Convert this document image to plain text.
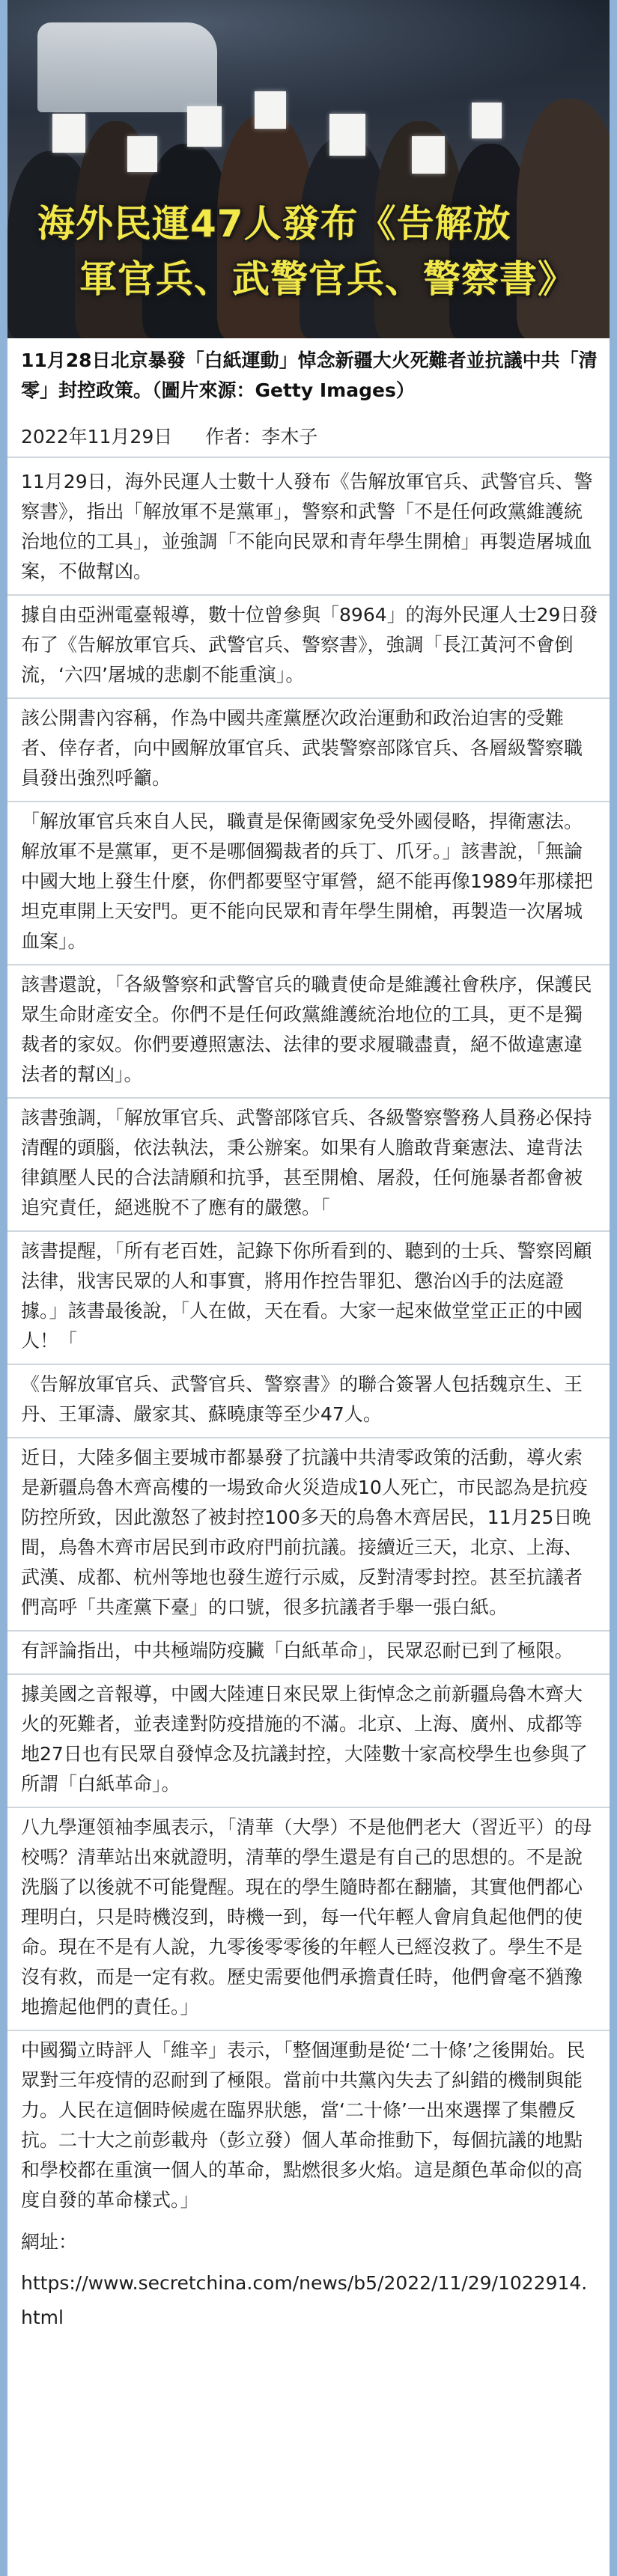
海外民運47人發布《告解放
軍官兵、武警官兵、警察書》

11月28日北京暴發「白紙運動」悼念新疆大火死難者並抗議中共「清零」封控政策。（圖片來源：Getty Images）

2022年11月29日 作者：李木子

11月29日，海外民運人士數十人發布《告解放軍官兵、武警官兵、警察書》，指出「解放軍不是黨軍」，警察和武警「不是任何政黨維護統治地位的工具」，並強調「不能向民眾和青年學生開槍」再製造屠城血案，不做幫凶。

據自由亞洲電臺報導，數十位曾參與「8964」的海外民運人士29日發布了《告解放軍官兵、武警官兵、警察書》，強調「長江黃河不會倒流，‘六四’屠城的悲劇不能重演」。

該公開書內容稱，作為中國共產黨歷次政治運動和政治迫害的受難者、倖存者，向中國解放軍官兵、武裝警察部隊官兵、各層級警察職員發出強烈呼籲。

「解放軍官兵來自人民，職責是保衛國家免受外國侵略，捍衛憲法。解放軍不是黨軍，更不是哪個獨裁者的兵丁、爪牙。」該書說，「無論中國大地上發生什麼，你們都要堅守軍營，絕不能再像1989年那樣把坦克車開上天安門。更不能向民眾和青年學生開槍，再製造一次屠城血案」。

該書還說，「各級警察和武警官兵的職責使命是維護社會秩序，保護民眾生命財產安全。你們不是任何政黨維護統治地位的工具，更不是獨裁者的家奴。你們要遵照憲法、法律的要求履職盡責，絕不做違憲違法者的幫凶」。

該書強調，「解放軍官兵、武警部隊官兵、各級警察警務人員務必保持清醒的頭腦，依法執法，秉公辦案。如果有人膽敢背棄憲法、違背法律鎮壓人民的合法請願和抗爭，甚至開槍、屠殺，任何施暴者都會被追究責任，絕逃脫不了應有的嚴懲。「

該書提醒，「所有老百姓，記錄下你所看到的、聽到的士兵、警察罔顧法律，戕害民眾的人和事實，將用作控告罪犯、懲治凶手的法庭證據。」該書最後說，「人在做，天在看。大家一起來做堂堂正正的中國人！「

《告解放軍官兵、武警官兵、警察書》的聯合簽署人包括魏京生、王丹、王軍濤、嚴家其、蘇曉康等至少47人。

近日，大陸多個主要城市都暴發了抗議中共清零政策的活動，導火索是新疆烏魯木齊高樓的一場致命火災造成10人死亡，市民認為是抗疫防控所致，因此激怒了被封控100多天的烏魯木齊居民，11月25日晚間，烏魯木齊市居民到市政府門前抗議。接續近三天，北京、上海、武漢、成都、杭州等地也發生遊行示威，反對清零封控。甚至抗議者們高呼「共產黨下臺」的口號，很多抗議者手舉一張白紙。

有評論指出，中共極端防疫臟「白紙革命」，民眾忍耐已到了極限。

據美國之音報導，中國大陸連日來民眾上街悼念之前新疆烏魯木齊大火的死難者，並表達對防疫措施的不滿。北京、上海、廣州、成都等地27日也有民眾自發悼念及抗議封控，大陸數十家高校學生也參與了所謂「白紙革命」。

八九學運領袖李風表示，「清華（大學）不是他們老大（習近平）的母校嗎？清華站出來就證明，清華的學生還是有自己的思想的。不是說洗腦了以後就不可能覺醒。現在的學生隨時都在翻牆，其實他們都心理明白，只是時機沒到，時機一到，每一代年輕人會肩負起他們的使命。現在不是有人說，九零後零零後的年輕人已經沒救了。學生不是沒有救，而是一定有救。歷史需要他們承擔責任時，他們會毫不猶豫地擔起他們的責任。」

中國獨立時評人「維辛」表示，「整個運動是從‘二十條’之後開始。民眾對三年疫情的忍耐到了極限。當前中共黨內失去了糾錯的機制與能力。人民在這個時候處在臨界狀態，當‘二十條’一出來選擇了集體反抗。二十大之前彭載舟（彭立發）個人革命推動下，每個抗議的地點和學校都在重演一個人的革命，點燃很多火焰。這是顏色革命似的高度自發的革命樣式。」

網址：

https://www.secretchina.com/news/b5/2022/11/29/1022914.html
